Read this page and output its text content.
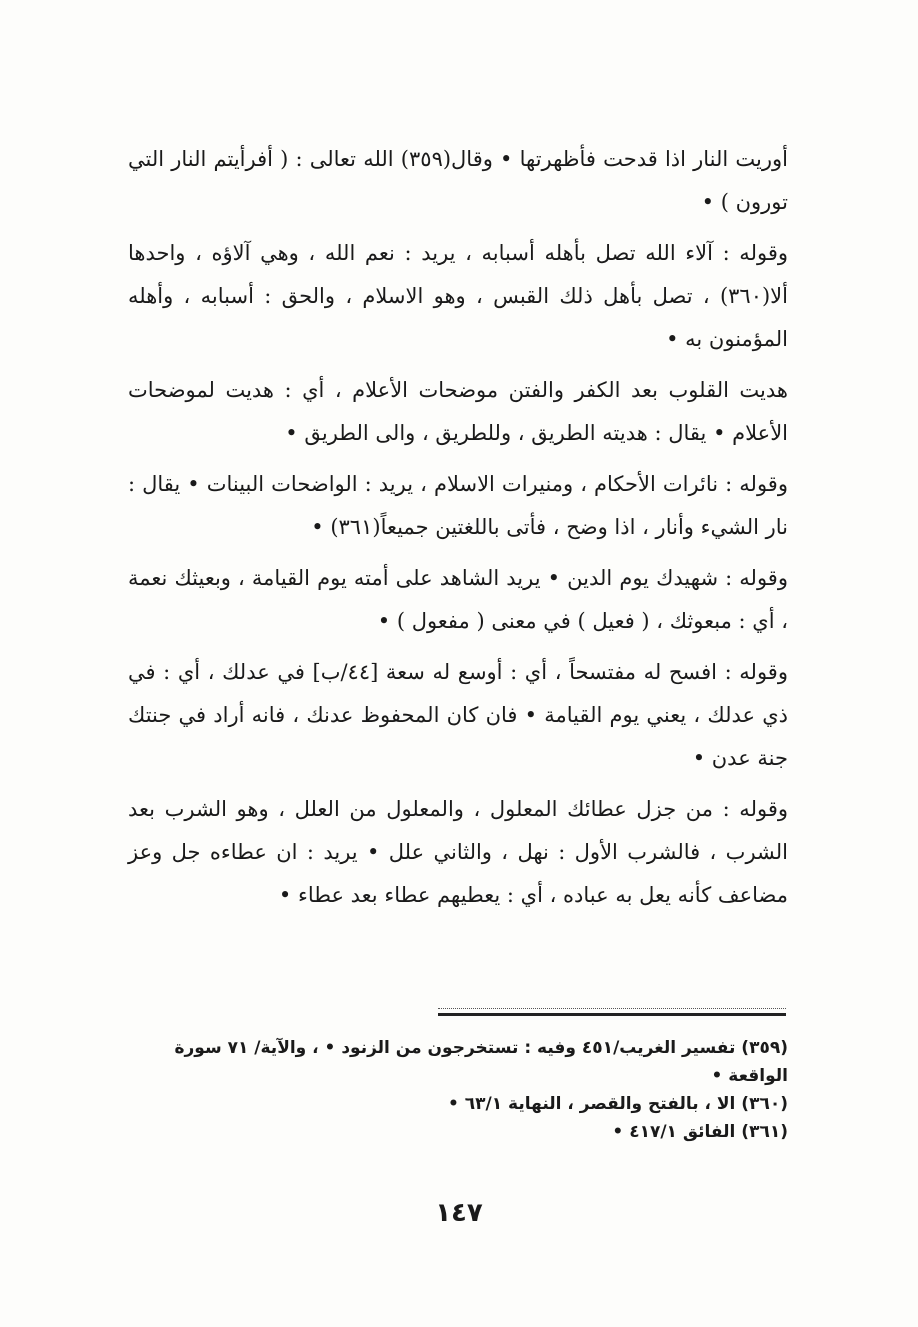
أوريت النار اذا قدحت فأظهرتها • وقال(٣٥٩) الله تعالى : ( أفرأيتم النار التي تورون ) •

وقوله : آلاء الله تصل بأهله أسبابه ، يريد : نعم الله ، وهي آلاؤه ، واحدها ألا(٣٦٠) ، تصل بأهل ذلك القبس ، وهو الاسلام ، والحق : أسبابه ، وأهله المؤمنون به •

هديت القلوب بعد الكفر والفتن موضحات الأعلام ، أي : هديت لموضحات الأعلام • يقال : هديته الطريق ، وللطريق ، والى الطريق •

وقوله : نائرات الأحكام ، ومنيرات الاسلام ، يريد : الواضحات البينات • يقال : نار الشيء وأنار ، اذا وضح ، فأتى باللغتين جميعاً(٣٦١) •

وقوله : شهيدك يوم الدين • يريد الشاهد على أمته يوم القيامة ، وبعيثك نعمة ، أي : مبعوثك ، ( فعيل ) في معنى ( مفعول ) •

وقوله : افسح له مفتسحاً ، أي : أوسع له سعة [٤٤/ب] في عدلك ، أي : في ذي عدلك ، يعني يوم القيامة • فان كان المحفوظ عدنك ، فانه أراد في جنتك جنة عدن •

وقوله : من جزل عطائك المعلول ، والمعلول من العلل ، وهو الشرب بعد الشرب ، فالشرب الأول : نهل ، والثاني علل • يريد : ان عطاءه جل وعز مضاعف كأنه يعل به عباده ، أي : يعطيهم عطاء بعد عطاء •

(٣٥٩) تفسير الغريب/٤٥١ وفيه : تستخرجون من الزنود • ، والآية/ ٧١ سورة الواقعة •

(٣٦٠) الا ، بالفتح والقصر ، النهاية ٦٣/١ •

(٣٦١) الفائق ٤١٧/١ •

١٤٧
